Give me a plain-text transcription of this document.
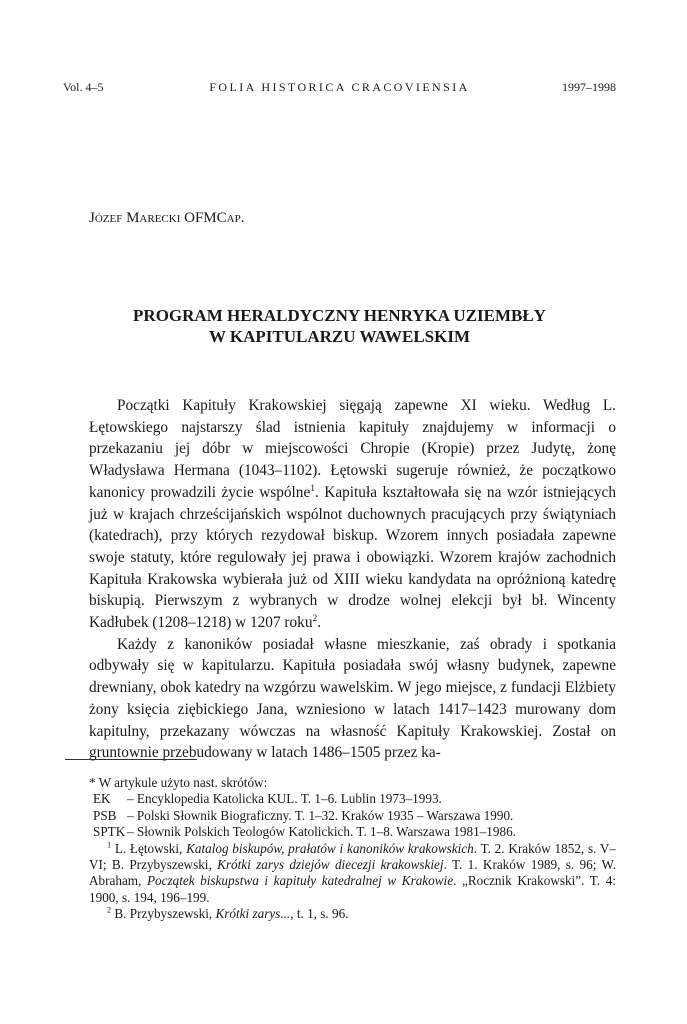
Vol. 4–5	FOLIA HISTORICA CRACOVIENSIA	1997–1998
Józef Marecki OFMCap.
PROGRAM HERALDYCZNY HENRYKA UZIEMBŁY
W KAPITULARZU WAWELSKIM

Początki Kapituły Krakowskiej sięgają zapewne XI wieku. Według L. Łętowskiego najstarszy ślad istnienia kapituły znajdujemy w informacji o przekazaniu jej dóbr w miejscowości Chropie (Kropie) przez Judytę, żonę Władysława Hermana (1043–1102). Łętowski sugeruje również, że początkowo kanonicy prowadzili życie wspólne$^1$. Kapituła kształtowała się na wzór istniejących już w krajach chrześcijańskich wspólnot duchownych pracujących przy świątyniach (katedrach), przy których rezydował biskup. Wzorem innych posiadała zapewne swoje statuty, które regulowały jej prawa i obowiązki. Wzorem krajów zachodnich Kapituła Krakowska wybierała już od XIII wieku kandydata na opróżnioną katedrę biskupią. Pierwszym z wybranych w drodze wolnej elekcji był bł. Wincenty Kadłubek (1208–1218) w 1207 roku$^2$.

Każdy z kanoników posiadał własne mieszkanie, zaś obrady i spotkania odbywały się w kapitularzu. Kapituła posiadała swój własny budynek, zapewne drewniany, obok katedry na wzgórzu wawelskim. W jego miejsce, z fundacji Elżbiety żony księcia ziębickiego Jana, wzniesiono w latach 1417–1423 murowany dom kapitulny, przekazany wówczas na własność Kapituły Krakowskiej. Został on gruntownie przebudowany w latach 1486–1505 przez ka-

* W artykule użyto nast. skrótów:

EK	– Encyklopedia Katolicka KUL. T. 1–6. Lublin 1973–1993.
PSB – Polski Słownik Biograficzny. T. 1–32. Kraków 1935 – Warszawa 1990.
SPTK – Słownik Polskich Teologów Katolickich. T. 1–8. Warszawa 1981–1986.

$^1$ L. Łętowski, Katalog biskupów, prałatów i kanoników krakowskich. T. 2. Kraków 1852, s. V–VI; B. Przybyszewski, Krótki zarys dziejów diecezji krakowskiej. T. 1. Kraków 1989, s. 96; W. Abraham, Początek biskupstwa i kapituły katedralnej w Krakowie. „Rocznik Krakowski”. T. 4: 1900, s. 194, 196–199.

$^2$ B. Przybyszewski, Krótki zarys..., t. 1, s. 96.
